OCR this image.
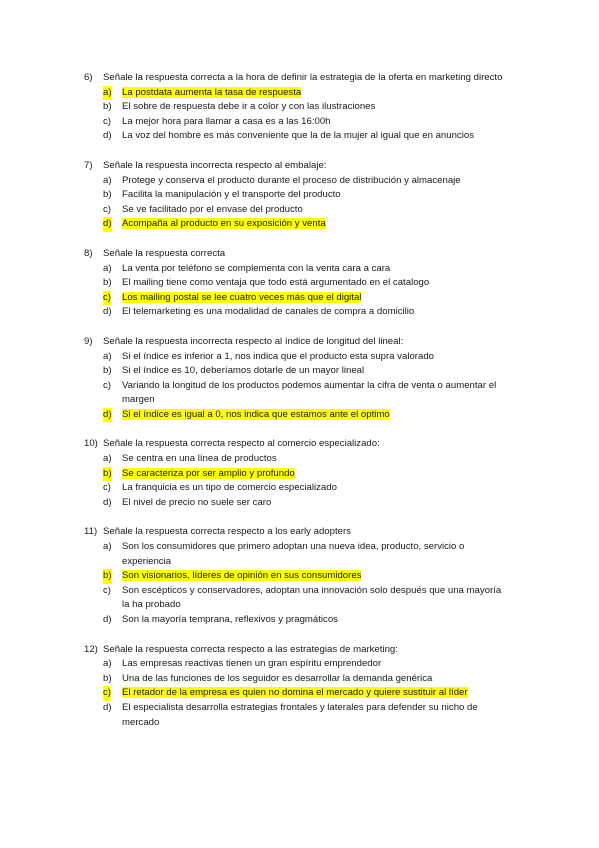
6) Señale la respuesta correcta a la hora de definir la estrategia de la oferta en marketing directo
a) La postdata aumenta la tasa de respuesta
b) El sobre de respuesta debe ir a color y con las ilustraciones
c) La mejor hora para llamar a casa es a las 16:00h
d) La voz del hombre es más conveniente que la de la mujer al igual que en anuncios
7) Señale la respuesta incorrecta respecto al embalaje:
a) Protege y conserva el producto durante el proceso de distribución y almacenaje
b) Facilita la manipulación y el transporte del producto
c) Se ve facilitado por el envase del producto
d) Acompaña al producto en su exposición y venta
8) Señale la respuesta correcta
a) La venta por teléfono se complementa con la venta cara a cara
b) El mailing tiene como ventaja que todo está argumentado en el catalogo
c) Los mailing postal se lee cuatro veces más que el digital
d) El telemarketing es una modalidad de canales de compra a domicilio
9) Señale la respuesta incorrecta respecto al índice de longitud del lineal:
a) Si el índice es inferior a 1, nos indica que el producto esta supra valorado
b) Si el índice es 10, deberíamos dotarle de un mayor lineal
c) Variando la longitud de los productos podemos aumentar la cifra de venta o aumentar el margen
d) Si el índice es igual a 0, nos indica que estamos ante el optimo
10) Señale la respuesta correcta respecto al comercio especializado:
a) Se centra en una línea de productos
b) Se caracteriza por ser amplio y profundo
c) La franquicia es un tipo de comercio especializado
d) El nivel de precio no suele ser caro
11) Señale la respuesta correcta respecto a los early adopters
a) Son los consumidores que primero adoptan una nueva idea, producto, servicio o experiencia
b) Son visionarios, líderes de opinión en sus consumidores
c) Son escépticos y conservadores, adoptan una innovación solo después que una mayoría la ha probado
d) Son la mayoría temprana, reflexivos y pragmáticos
12) Señale la respuesta correcta respecto a las estrategias de marketing:
a) Las empresas reactivas tienen un gran espíritu emprendedor
b) Una de las funciones de los seguidor es desarrollar la demanda genérica
c) El retador de la empresa es quien no domina el mercado y quiere sustituir al líder
d) El especialista desarrolla estrategias frontales y laterales para defender su nicho de mercado
